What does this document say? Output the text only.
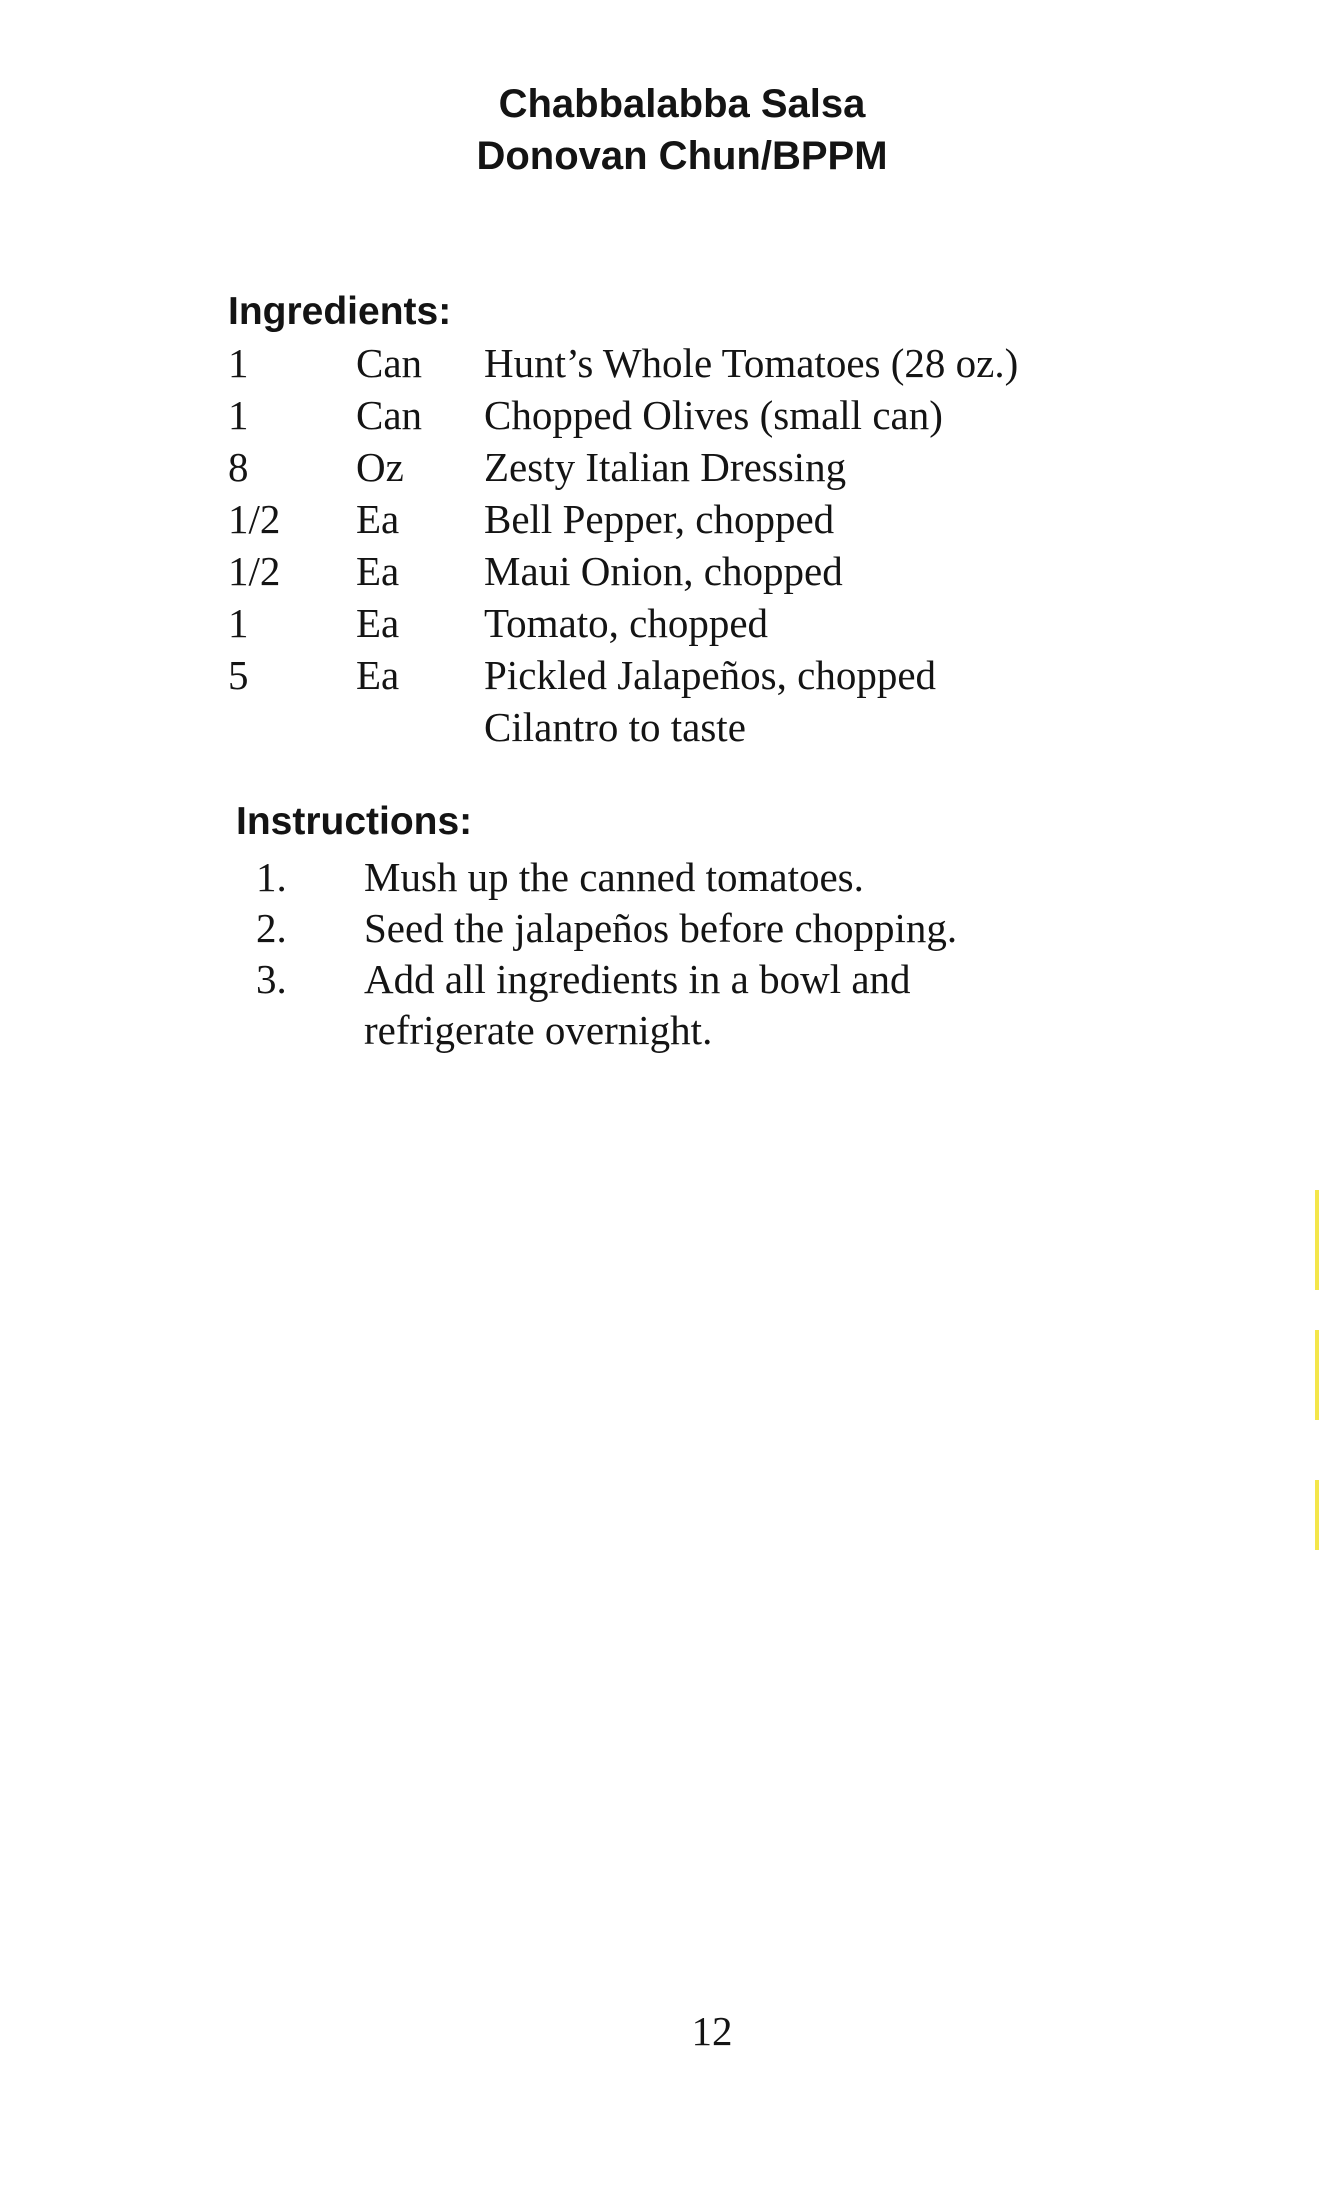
Chabbalabba Salsa
Donovan Chun/BPPM
Ingredients:
1	Can Hunt’s Whole Tomatoes (28 oz.)
1	Can Chopped Olives (small can)
8	Oz Zesty Italian Dressing
1/2 Ea Bell Pepper, chopped
1/2 Ea Maui Onion, chopped
1	Ea Tomato, chopped
5	Ea Pickled Jalapeños, chopped
Cilantro to taste
Instructions:
1. Mush up the canned tomatoes.
2. Seed the jalapeños before chopping.
3. Add all ingredients in a bowl and refrigerate overnight.
12
